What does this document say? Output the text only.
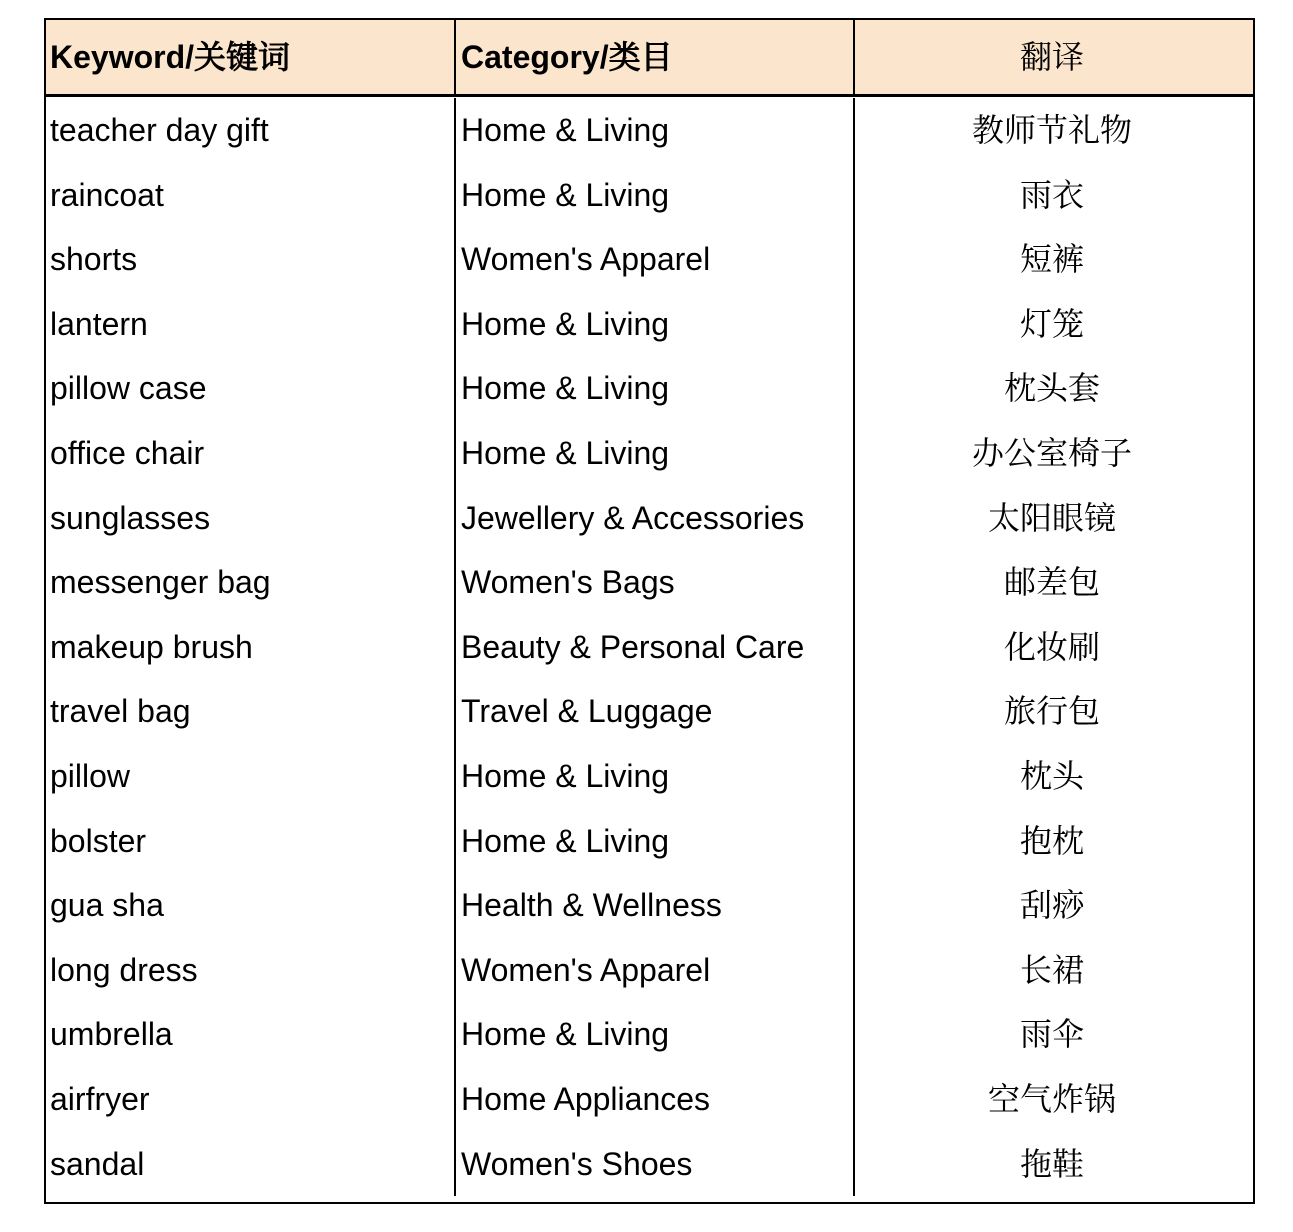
Keyword/关键词	Category/类目	翻译
teacher day gift	Home & Living	教师节礼物
raincoat	Home & Living	雨衣
shorts	Women's Apparel	短裤
lantern	Home & Living	灯笼
pillow case	Home & Living	枕头套
office chair	Home & Living	办公室椅子
sunglasses	Jewellery & Accessories	太阳眼镜
messenger bag	Women's Bags	邮差包
makeup brush	Beauty & Personal Care	化妆刷
travel bag	Travel & Luggage	旅行包
pillow	Home & Living	枕头
bolster	Home & Living	抱枕
gua sha	Health & Wellness	刮痧
long dress	Women's Apparel	长裙
umbrella	Home & Living	雨伞
airfryer	Home Appliances	空气炸锅
sandal	Women's Shoes	拖鞋
